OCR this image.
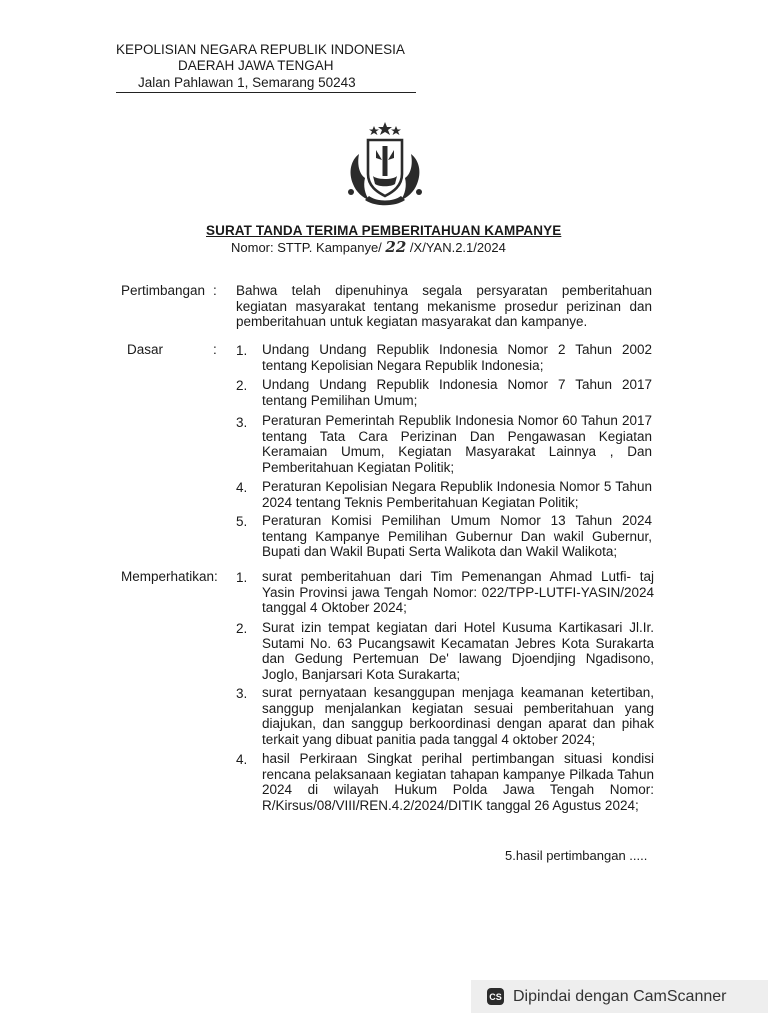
KEPOLISIAN NEGARA REPUBLIK INDONESIA
DAERAH JAWA TENGAH
Jalan Pahlawan 1, Semarang 50243
SURAT TANDA TERIMA PEMBERITAHUAN KAMPANYE
Nomor: STTP. Kampanye/ 22 /X/YAN.2.1/2024
Pertimbangan : Bahwa telah dipenuhinya segala persyaratan pemberitahuan kegiatan masyarakat tentang mekanisme prosedur perizinan dan pemberitahuan untuk kegiatan masyarakat dan kampanye.
Dasar	: 1. Undang Undang Republik Indonesia Nomor 2 Tahun 2002 tentang Kepolisian Negara Republik Indonesia;
2. Undang Undang Republik Indonesia Nomor 7 Tahun 2017 tentang Pemilihan Umum;
3. Peraturan Pemerintah Republik Indonesia Nomor 60 Tahun 2017 tentang Tata Cara Perizinan Dan Pengawasan Kegiatan Keramaian Umum, Kegiatan Masyarakat Lainnya , Dan Pemberitahuan Kegiatan Politik;
4. Peraturan Kepolisian Negara Republik Indonesia Nomor 5 Tahun 2024 tentang Teknis Pemberitahuan Kegiatan Politik;
5. Peraturan Komisi Pemilihan Umum Nomor 13 Tahun 2024 tentang Kampanye Pemilihan Gubernur Dan wakil Gubernur, Bupati dan Wakil Bupati Serta Walikota dan Wakil Walikota;
Memperhatikan: 1. surat pemberitahuan dari Tim Pemenangan Ahmad Lutfi- taj Yasin Provinsi jawa Tengah Nomor: 022/TPP-LUTFI-YASIN/2024 tanggal 4 Oktober 2024;
2. Surat izin tempat kegiatan dari Hotel Kusuma Kartikasari Jl.Ir. Sutami No. 63 Pucangsawit Kecamatan Jebres Kota Surakarta dan Gedung Pertemuan De' lawang Djoendjing Ngadisono, Joglo, Banjarsari Kota Surakarta;
3. surat pernyataan kesanggupan menjaga keamanan ketertiban, sanggup menjalankan kegiatan sesuai pemberitahuan yang diajukan, dan sanggup berkoordinasi dengan aparat dan pihak terkait yang dibuat panitia pada tanggal 4 oktober 2024;
4. hasil Perkiraan Singkat perihal pertimbangan situasi kondisi rencana pelaksanaan kegiatan tahapan kampanye Pilkada Tahun 2024 di wilayah Hukum Polda Jawa Tengah Nomor: R/Kirsus/08/VIII/REN.4.2/2024/DITIK tanggal 26 Agustus 2024;
5.hasil pertimbangan .....
CS Dipindai dengan CamScanner
